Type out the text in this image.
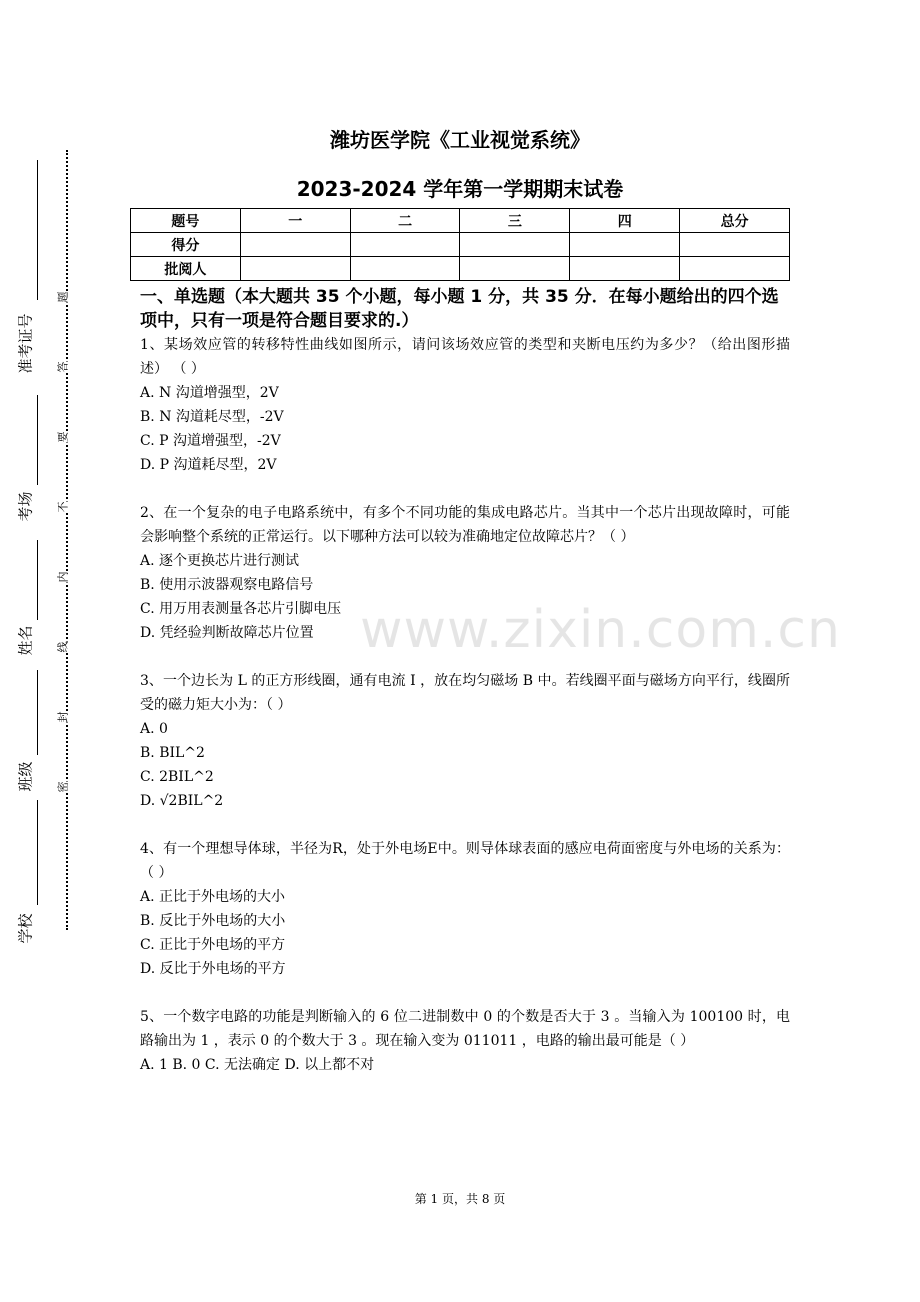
准考证号
考场
姓名
班级
学校
题
答
要
不
内
线
封
密
潍坊医学院《工业视觉系统》
2023-2024 学年第一学期期末试卷
题号	一	二	三	四	总分
得分					
批阅人					
一、单选题（本大题共 35 个小题，每小题 1 分，共 35 分．在每小题给出的四个选项中，只有一项是符合题目要求的.）

1、某场效应管的转移特性曲线如图所示，请问该场效应管的类型和夹断电压约为多少？（给出图形描述） （ ）

A. N 沟道增强型，2V

B. N 沟道耗尽型，-2V

C. P 沟道增强型，-2V

D. P 沟道耗尽型，2V

2、在一个复杂的电子电路系统中，有多个不同功能的集成电路芯片。当其中一个芯片出现故障时，可能会影响整个系统的正常运行。以下哪种方法可以较为准确地定位故障芯片？（ ）

A. 逐个更换芯片进行测试

B. 使用示波器观察电路信号

C. 用万用表测量各芯片引脚电压

D. 凭经验判断故障芯片位置

3、一个边长为 L 的正方形线圈，通有电流 I ，放在均匀磁场 B 中。若线圈平面与磁场方向平行，线圈所受的磁力矩大小为：（ ）

A. 0

B. BIL^2

C. 2BIL^2

D. √2BIL^2

4、有一个理想导体球，半径为R，处于外电场E中。则导体球表面的感应电荷面密度与外电场的关系为：（ ）

A. 正比于外电场的大小

B. 反比于外电场的大小

C. 正比于外电场的平方

D. 反比于外电场的平方

5、一个数字电路的功能是判断输入的 6 位二进制数中 0 的个数是否大于 3 。当输入为 100100 时，电路输出为 1 ，表示 0 的个数大于 3 。现在输入变为 011011 ，电路的输出最可能是（ ）

A. 1 B. 0 C. 无法确定 D. 以上都不对

www.zixin.com.cn
第 1 页，共 8 页
